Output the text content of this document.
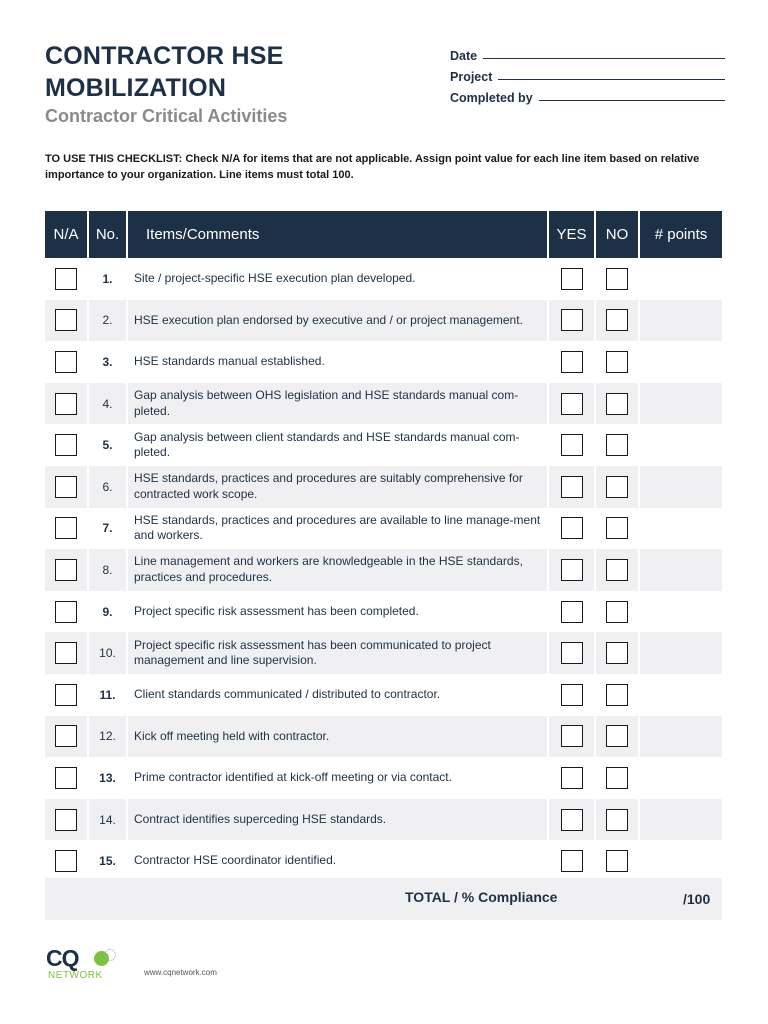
CONTRACTOR HSE MOBILIZATION
Contractor Critical Activities
Date
Project
Completed by
TO USE THIS CHECKLIST: Check N/A for items that are not applicable. Assign point value for each line item based on relative importance to your organization. Line items must total 100.
N/A	No.	Items/Comments	YES	NO	# points
	1.	Site / project-specific HSE execution plan developed.			
	2.	HSE execution plan endorsed by executive and / or project management.			
	3.	HSE standards manual established.			
	4.	Gap analysis between OHS legislation and HSE standards manual com-pleted.			
	5.	Gap analysis between client standards and HSE standards manual com-pleted.			
	6.	HSE standards, practices and procedures are suitably comprehensive for contracted work scope.			
	7.	HSE standards, practices and procedures are available to line manage-ment and workers.			
	8.	Line management and workers are knowledgeable in the HSE standards, practices and procedures.			
	9.	Project specific risk assessment has been completed.			
	10.	Project specific risk assessment has been communicated to project management and line supervision.			
	11.	Client standards communicated / distributed to contractor.			
	12.	Kick off meeting held with contractor.			
	13.	Prime contractor identified at kick-off meeting or via contact.			
	14.	Contract identifies superceding HSE standards.			
	15.	Contractor HSE coordinator identified.			
TOTAL / % Compliance	/100
CQ
NETWORK	www.cqnetwork.com
